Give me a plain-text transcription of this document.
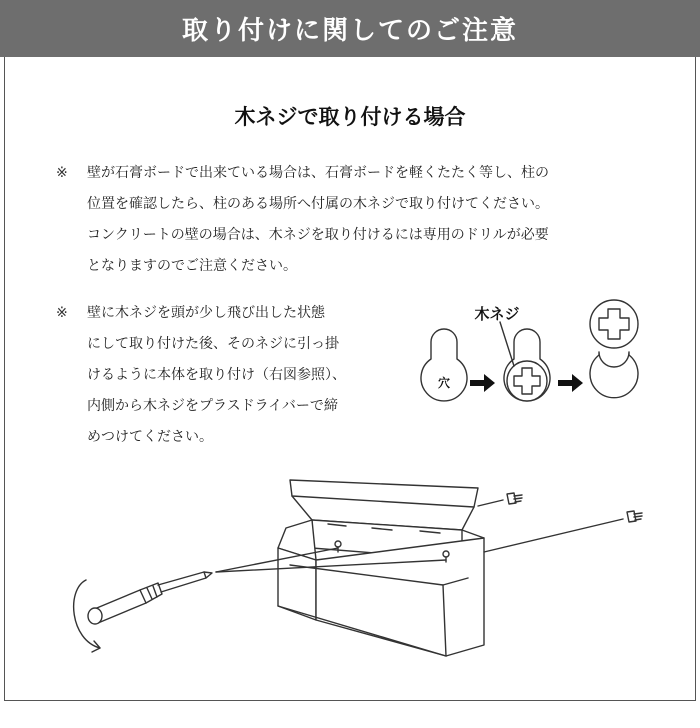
取り付けに関してのご注意
木ネジで取り付ける場合
※ 壁が石膏ボードで出来ている場合は、石膏ボードを軽くたたく等し、柱の
位置を確認したら、柱のある場所へ付属の木ネジで取り付けてください。
コンクリートの壁の場合は、木ネジを取り付けるには専用のドリルが必要
となりますのでご注意ください。
※ 壁に木ネジを頭が少し飛び出した状態
にして取り付けた後、そのネジに引っ掛
けるように本体を取り付け（右図参照）、
内側から木ネジをプラスドライバーで締
めつけてください。
木ネジ
穴
